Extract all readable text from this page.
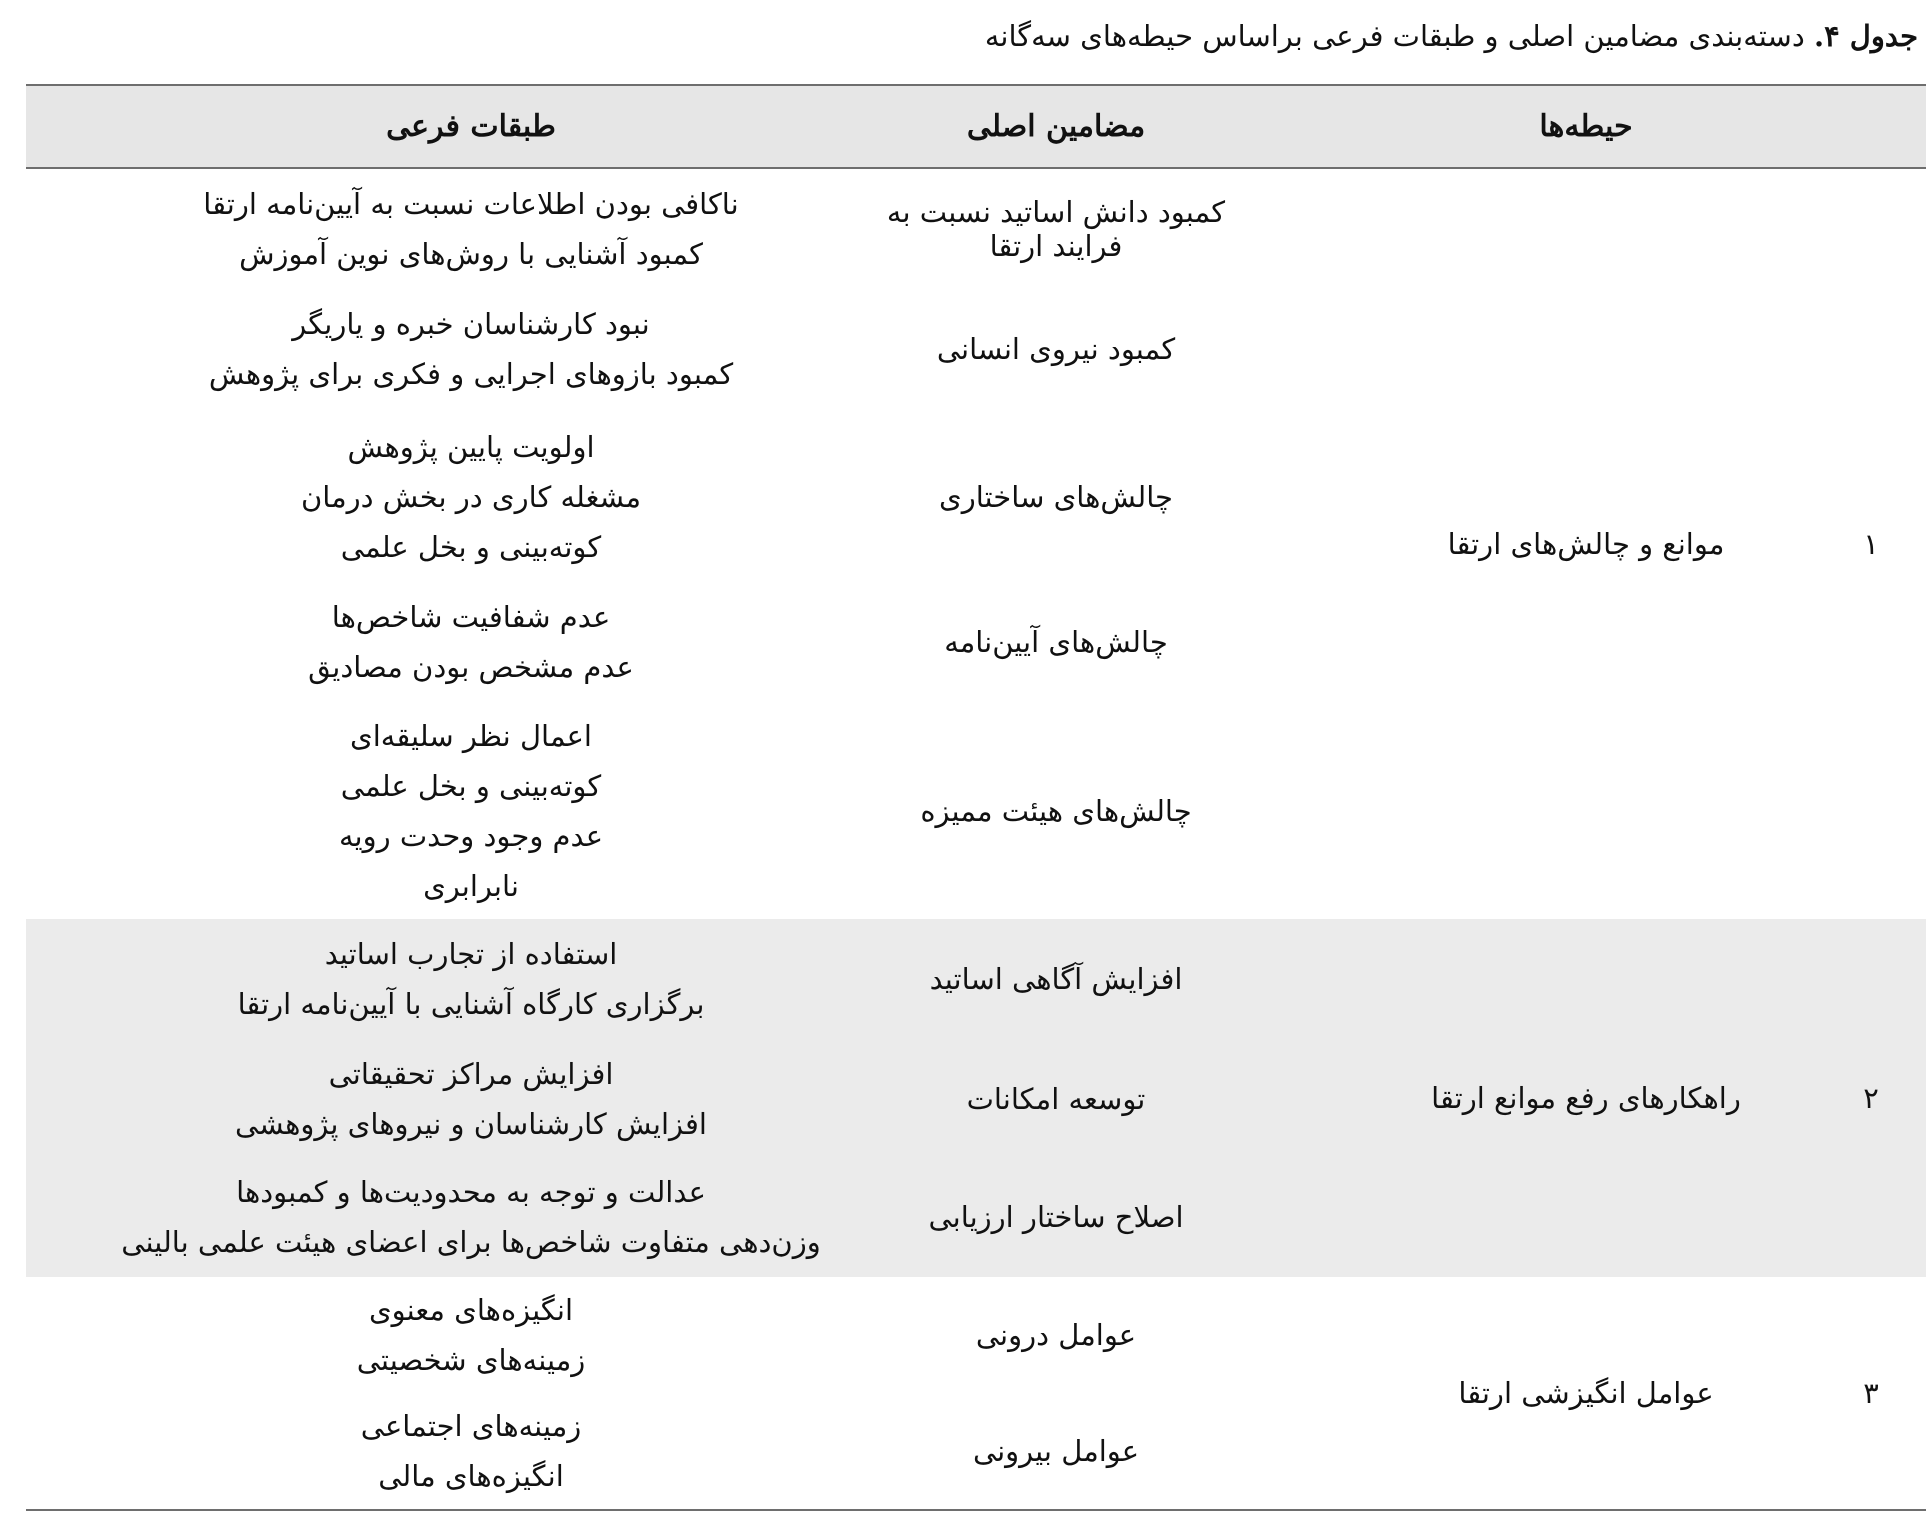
جدول ۴. دسته‌بندی مضامین اصلی و طبقات فرعی براساس حیطه‌های سه‌گانه
حیطه‌ها
مضامین اصلی
طبقات فرعی
۱
موانع و چالش‌های ارتقا
کمبود دانش اساتید نسبت به فرایند ارتقا
ناکافی بودن اطلاعات نسبت به آیین‌نامه ارتقا
کمبود آشنایی با روش‌های نوین آموزش
کمبود نیروی انسانی
نبود کارشناسان خبره و یاریگر
کمبود بازوهای اجرایی و فکری برای پژوهش
چالش‌های ساختاری
اولویت پایین پژوهش
مشغله کاری در بخش درمان
کوته‌بینی و بخل علمی
چالش‌های آیین‌نامه
عدم شفافیت شاخص‌ها
عدم مشخص بودن مصادیق
چالش‌های هیئت ممیزه
اعمال نظر سلیقه‌ای
کوته‌بینی و بخل علمی
عدم وجود وحدت رویه
نابرابری
۲
راهکارهای رفع موانع ارتقا
افزایش آگاهی اساتید
استفاده از تجارب اساتید
برگزاری کارگاه آشنایی با آیین‌نامه ارتقا
توسعه امکانات
افزایش مراکز تحقیقاتی
افزایش کارشناسان و نیروهای پژوهشی
اصلاح ساختار ارزیابی
عدالت و توجه به محدودیت‌ها و کمبودها
وزن‌دهی متفاوت شاخص‌ها برای اعضای هیئت علمی بالینی
۳
عوامل انگیزشی ارتقا
عوامل درونی
انگیزه‌های معنوی
زمینه‌های شخصیتی
عوامل بیرونی
زمینه‌های اجتماعی
انگیزه‌های مالی
